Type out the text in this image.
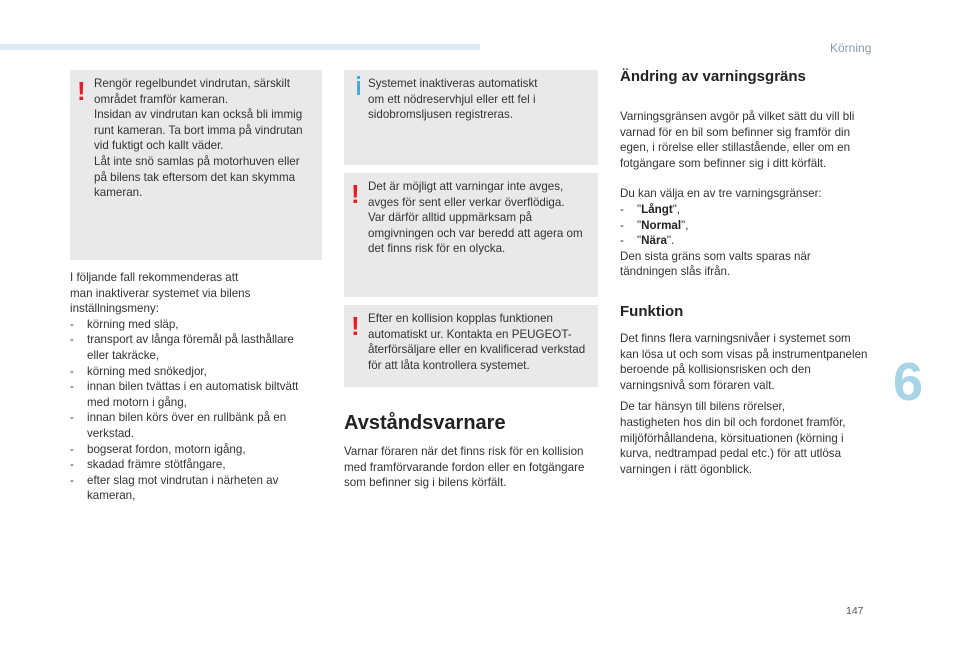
Körning
6
147
! Rengör regelbundet vindrutan, särskilt
området framför kameran.
Insidan av vindrutan kan också bli immig
runt kameran. Ta bort imma på vindrutan
vid fuktigt och kallt väder.
Låt inte snö samlas på motorhuven eller
på bilens tak eftersom det kan skymma
kameran.

I följande fall rekommenderas att
man inaktiverar systemet via bilens
inställningsmeny:

- körning med släp,
- transport av långa föremål på lasthållare
eller takräcke,
- körning med snökedjor,
- innan bilen tvättas i en automatisk biltvätt
med motorn i gång,
- innan bilen körs över en rullbänk på en
verkstad.
- bogserat fordon, motorn igång,
- skadad främre stötfångare,
- efter slag mot vindrutan i närheten av
kameran,

Systemet inaktiveras automatiskt
om ett nödreservhjul eller ett fel i
sidobromsljusen registreras.

! Det är möjligt att varningar inte avges,
avges för sent eller verkar överflödiga.
Var därför alltid uppmärksam på
omgivningen och var beredd att agera om
det finns risk för en olycka.

! Efter en kollision kopplas funktionen
automatiskt ur. Kontakta en PEUGEOT-
återförsäljare eller en kvalificerad verkstad
för att låta kontrollera systemet.

Avståndsvarnare

Varnar föraren när det finns risk för en kollision
med framförvarande fordon eller en fotgängare
som befinner sig i bilens körfält.

Ändring av varningsgräns

Varningsgränsen avgör på vilket sätt du vill bli
varnad för en bil som befinner sig framför din
egen, i rörelse eller stillastående, eller om en
fotgängare som befinner sig i ditt körfält.

Du kan välja en av tre varningsgränser:

- "Långt",
- "Normal",
- "Nära".

Den sista gräns som valts sparas när
tändningen slås ifrån.

Funktion

Det finns flera varningsnivåer i systemet som
kan lösa ut och som visas på instrumentpanelen
beroende på kollisionsrisken och den
varningsnivå som föraren valt.

De tar hänsyn till bilens rörelser,
hastigheten hos din bil och fordonet framför,
miljöförhållandena, körsituationen (körning i
kurva, nedtrampad pedal etc.) för att utlösa
varningen i rätt ögonblick.
